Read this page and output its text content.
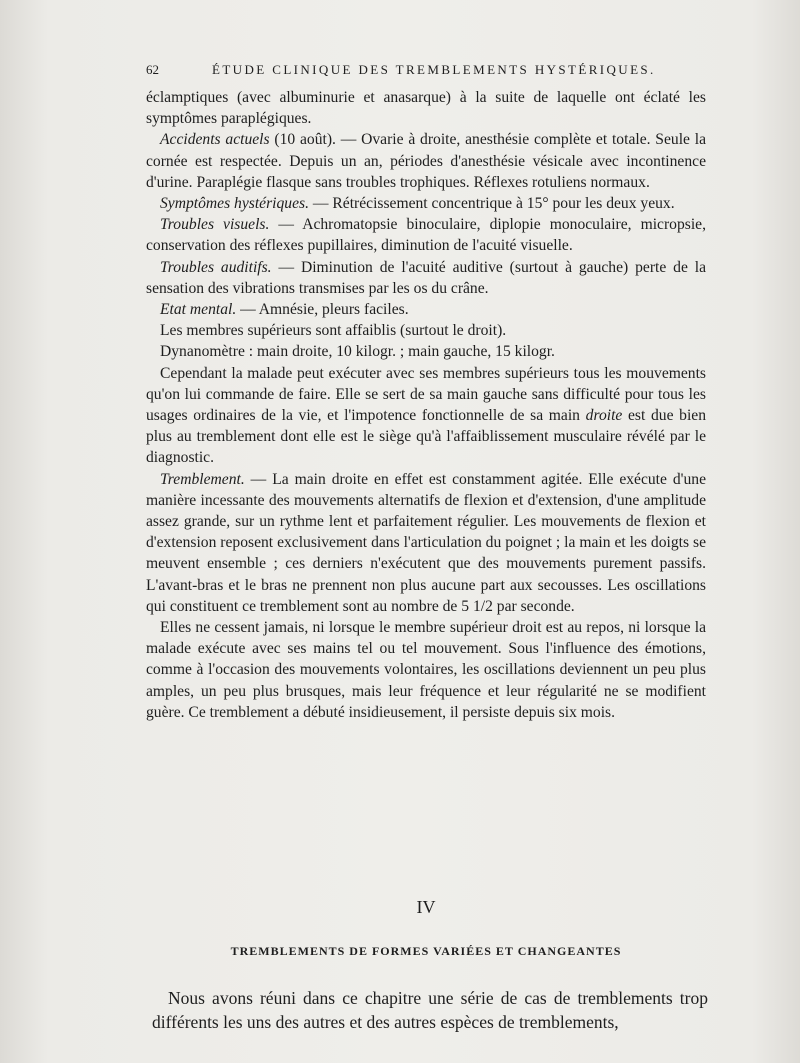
62	ÉTUDE CLINIQUE DES TREMBLEMENTS HYSTÉRIQUES.

éclamptiques (avec albuminurie et anasarque) à la suite de laquelle ont éclaté les symptômes paraplégiques.

Accidents actuels (10 août). — Ovarie à droite, anesthésie complète et totale. Seule la cornée est respectée. Depuis un an, périodes d'anesthésie vésicale avec incontinence d'urine. Paraplégie flasque sans troubles trophiques. Réflexes rotuliens normaux.

Symptômes hystériques. — Rétrécissement concentrique à 15° pour les deux yeux.

Troubles visuels. — Achromatopsie binoculaire, diplopie monoculaire, micropsie, conservation des réflexes pupillaires, diminution de l'acuité visuelle.

Troubles auditifs. — Diminution de l'acuité auditive (surtout à gauche) perte de la sensation des vibrations transmises par les os du crâne.

Etat mental. — Amnésie, pleurs faciles.

Les membres supérieurs sont affaiblis (surtout le droit).

Dynanomètre : main droite, 10 kilogr. ; main gauche, 15 kilogr.

Cependant la malade peut exécuter avec ses membres supérieurs tous les mouvements qu'on lui commande de faire. Elle se sert de sa main gauche sans difficulté pour tous les usages ordinaires de la vie, et l'impotence fonctionnelle de sa main droite est due bien plus au tremblement dont elle est le siège qu'à l'affaiblissement musculaire révélé par le diagnostic.

Tremblement. — La main droite en effet est constamment agitée. Elle exécute d'une manière incessante des mouvements alternatifs de flexion et d'extension, d'une amplitude assez grande, sur un rythme lent et parfaitement régulier. Les mouvements de flexion et d'extension reposent exclusivement dans l'articulation du poignet ; la main et les doigts se meuvent ensemble ; ces derniers n'exécutent que des mouvements purement passifs. L'avant-bras et le bras ne prennent non plus aucune part aux secousses. Les oscillations qui constituent ce tremblement sont au nombre de 5 1/2 par seconde.

Elles ne cessent jamais, ni lorsque le membre supérieur droit est au repos, ni lorsque la malade exécute avec ses mains tel ou tel mouvement. Sous l'influence des émotions, comme à l'occasion des mouvements volontaires, les oscillations deviennent un peu plus amples, un peu plus brusques, mais leur fréquence et leur régularité ne se modifient guère. Ce tremblement a débuté insidieusement, il persiste depuis six mois.

IV
TREMBLEMENTS DE FORMES VARIÉES ET CHANGEANTES

Nous avons réuni dans ce chapitre une série de cas de tremblements trop différents les uns des autres et des autres espèces de tremblements,
